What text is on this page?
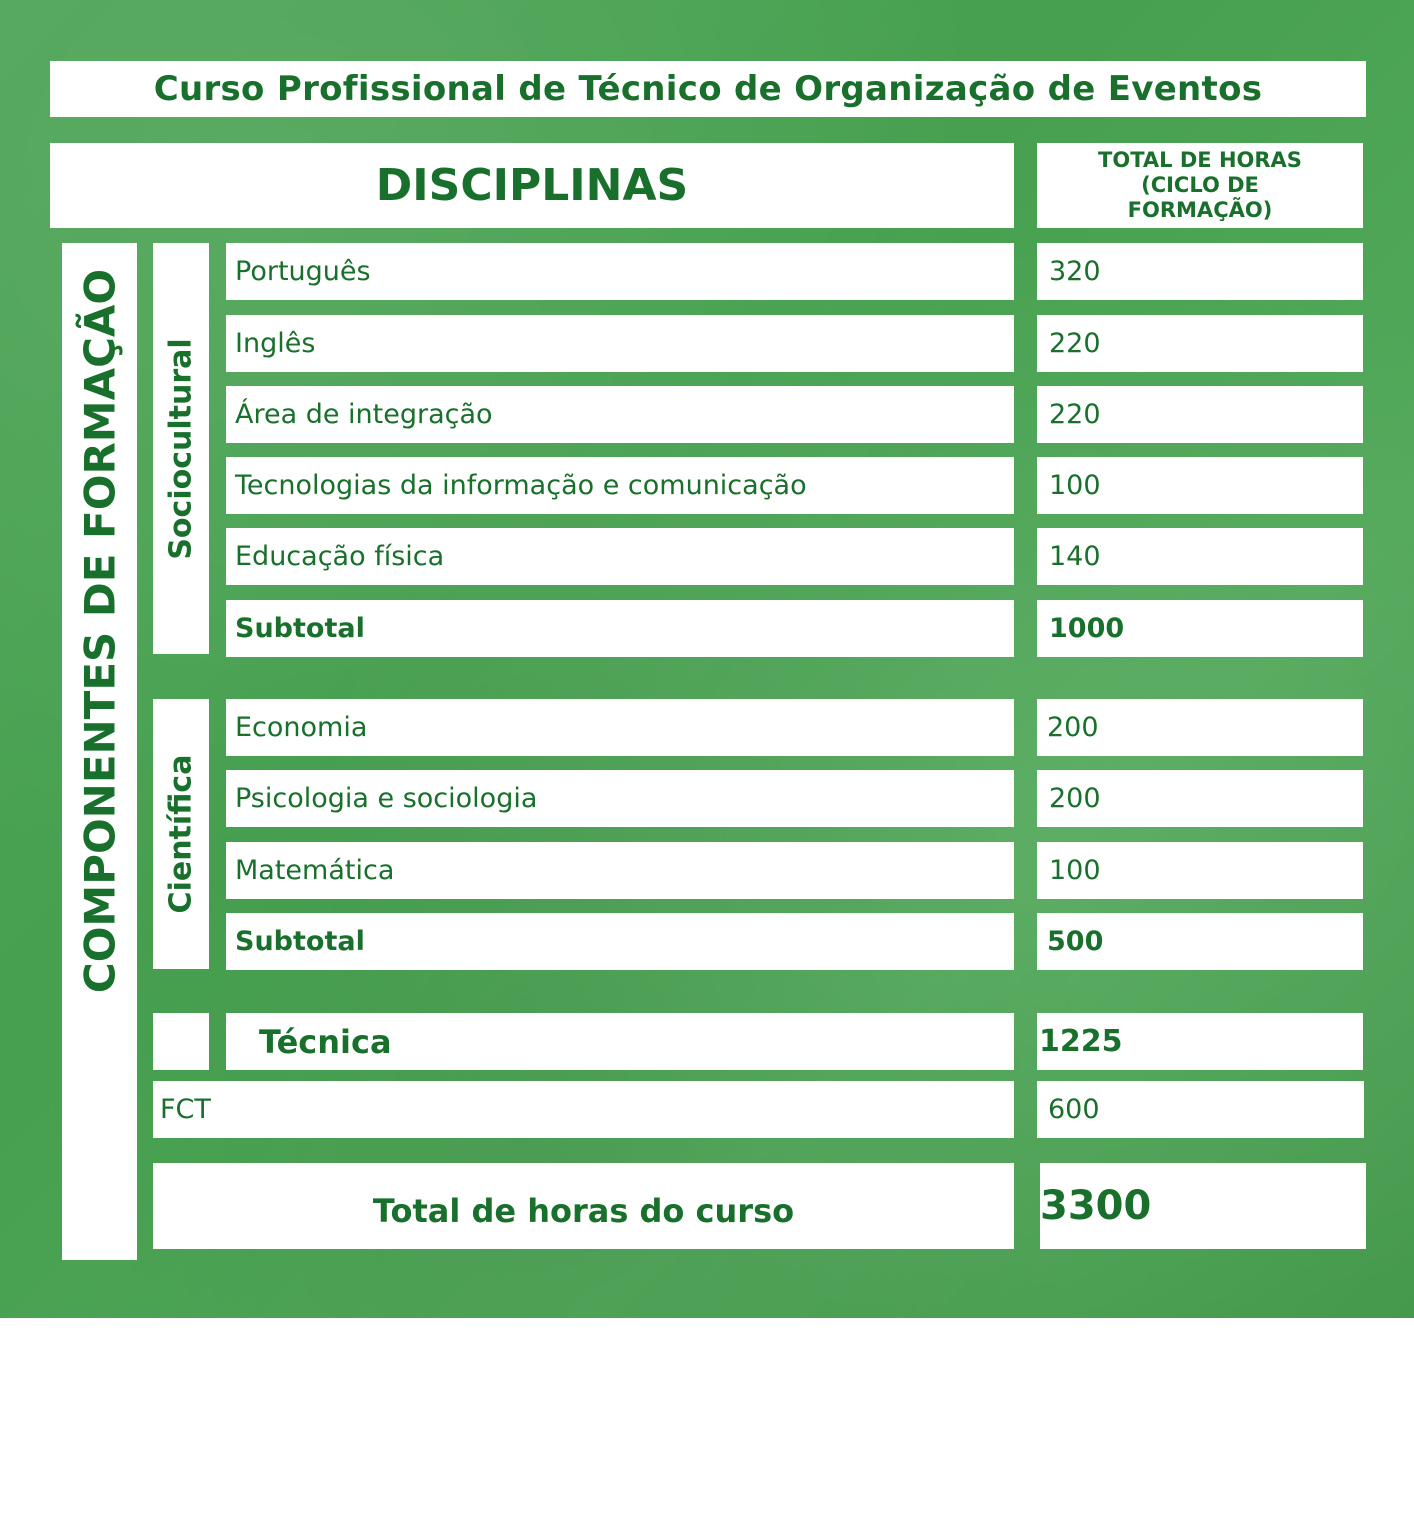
Curso Profissional de Técnico de Organização de Eventos
DISCIPLINAS
TOTAL DE HORAS (CICLO DE FORMAÇÃO)
COMPONENTES DE FORMAÇÃO Sociocultural
Português	320
Inglês	220
Área de integração	220
Tecnologias da informação e comunicação	100
Educação física	140
Subtotal	1000
Científica
Economia	200
Psicologia e sociologia	200
Matemática	100
Subtotal	500
Técnica	1225
FCT	600
Total de horas do curso	3300
